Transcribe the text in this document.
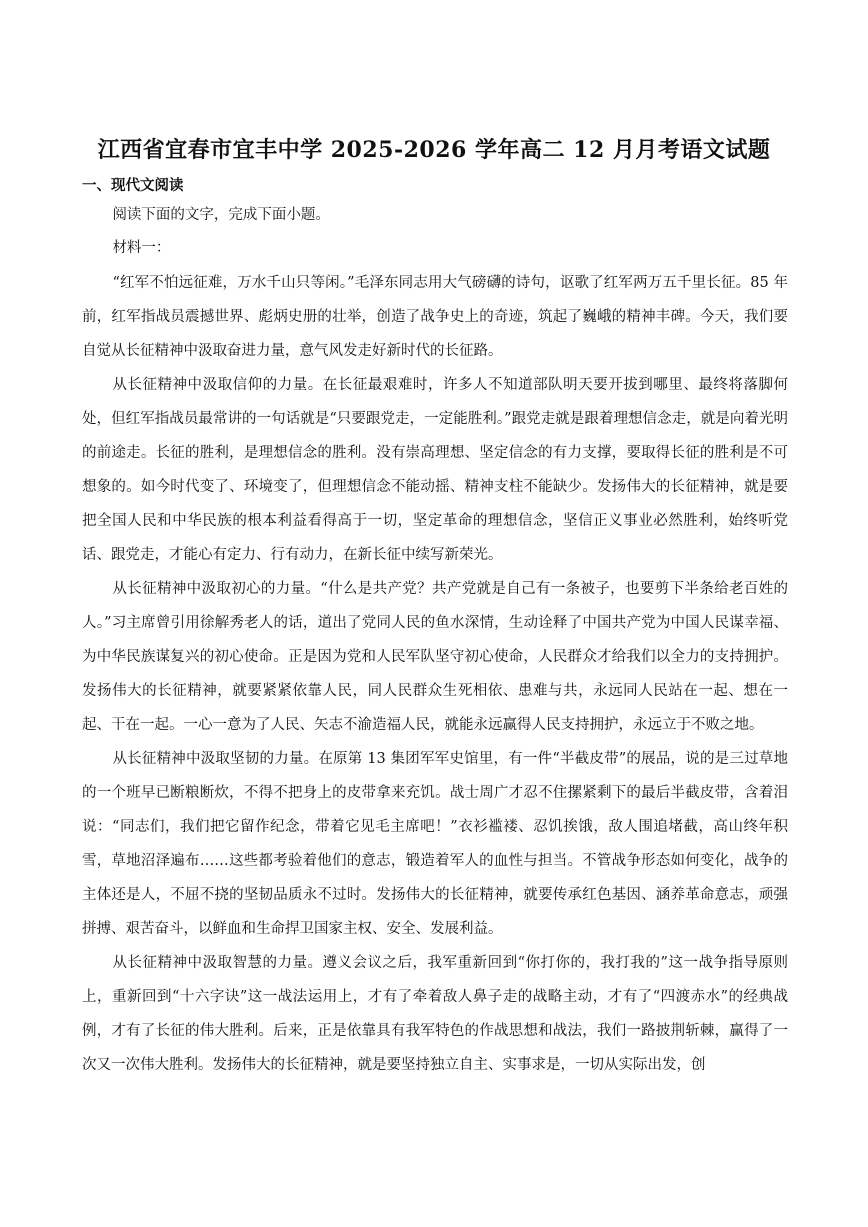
江西省宜春市宜丰中学 2025-2026 学年高二 12 月月考语文试题
一、现代文阅读

阅读下面的文字，完成下面小题。

材料一：

“红军不怕远征难，万水千山只等闲。”毛泽东同志用大气磅礴的诗句，讴歌了红军两万五千里长征。85 年前，红军指战员震撼世界、彪炳史册的壮举，创造了战争史上的奇迹，筑起了巍峨的精神丰碑。今天，我们要自觉从长征精神中汲取奋进力量，意气风发走好新时代的长征路。

从长征精神中汲取信仰的力量。在长征最艰难时，许多人不知道部队明天要开拔到哪里、最终将落脚何处，但红军指战员最常讲的一句话就是“只要跟党走，一定能胜利。”跟党走就是跟着理想信念走，就是向着光明的前途走。长征的胜利，是理想信念的胜利。没有崇高理想、坚定信念的有力支撑，要取得长征的胜利是不可想象的。如今时代变了、环境变了，但理想信念不能动摇、精神支柱不能缺少。发扬伟大的长征精神，就是要把全国人民和中华民族的根本利益看得高于一切，坚定革命的理想信念，坚信正义事业必然胜利，始终听党话、跟党走，才能心有定力、行有动力，在新长征中续写新荣光。

从长征精神中汲取初心的力量。“什么是共产党？共产党就是自己有一条被子，也要剪下半条给老百姓的人。”习主席曾引用徐解秀老人的话，道出了党同人民的鱼水深情，生动诠释了中国共产党为中国人民谋幸福、为中华民族谋复兴的初心使命。正是因为党和人民军队坚守初心使命，人民群众才给我们以全力的支持拥护。发扬伟大的长征精神，就要紧紧依靠人民，同人民群众生死相依、患难与共，永远同人民站在一起、想在一起、干在一起。一心一意为了人民、矢志不渝造福人民，就能永远赢得人民支持拥护，永远立于不败之地。

从长征精神中汲取坚韧的力量。在原第 13 集团军军史馆里，有一件“半截皮带”的展品，说的是三过草地的一个班早已断粮断炊，不得不把身上的皮带拿来充饥。战士周广才忍不住摞紧剩下的最后半截皮带，含着泪说：“同志们，我们把它留作纪念，带着它见毛主席吧！”衣衫褴褛、忍饥挨饿，敌人围追堵截，高山终年积雪，草地沼泽遍布……这些都考验着他们的意志，锻造着军人的血性与担当。不管战争形态如何变化，战争的主体还是人，不屈不挠的坚韧品质永不过时。发扬伟大的长征精神，就要传承红色基因、涵养革命意志，顽强拼搏、艰苦奋斗，以鲜血和生命捍卫国家主权、安全、发展利益。

从长征精神中汲取智慧的力量。遵义会议之后，我军重新回到“你打你的，我打我的”这一战争指导原则上，重新回到“十六字诀”这一战法运用上，才有了牵着敌人鼻子走的战略主动，才有了“四渡赤水”的经典战例，才有了长征的伟大胜利。后来，正是依靠具有我军特色的作战思想和战法，我们一路披荆斩棘，赢得了一次又一次伟大胜利。发扬伟大的长征精神，就是要坚持独立自主、实事求是，一切从实际出发，创
